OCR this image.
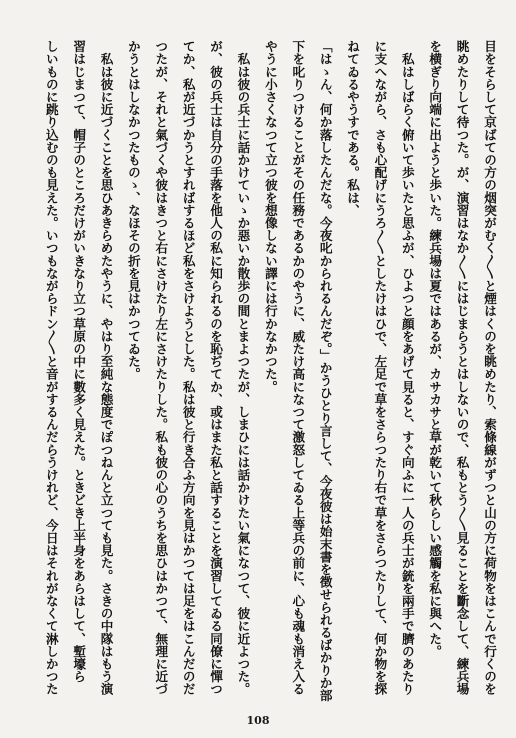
目をそらして京ばての方の烟突がむく〳〵と煙はくのを眺めたり、索條線がずつと山の方に荷物をはこんで行くのを
眺めたりして待つた。が、演習はなか〳〵にはじまらうとはしないので、私もとう〳〵見ることを斷念して、練兵場
を横ぎり向端に出ようと歩いた。練兵場は夏ではあるが、カサカサと草が乾いて秋らしい感觸を私に與へた。
　私はしばらく俯いて歩いたと思ふが、ひよつと顔をあげて見ると、すぐ向ふに一人の兵士が銃を兩手で臍のあたり
に支へながら、さも心配げにうろ〳〵としたけはひで、左足で草をさらつたり右で草をさらつたりして、何か物を探
ねてゐるやうすである。私は、
「はゝん、何か落したんだな。今夜叱かられるんだぞ。」かうひとり言して、今夜彼は始末書を徴せられるばかりか部
下を叱りつけることがその任務であるかのやうに、威たけ高になつて激怒してゐる上等兵の前に、心も魂も消え入る
やうに小さくなつて立つ彼を想像しない譯には行かなかつた。
　私は彼の兵士に話かけていゝか惡いか散歩の間とまよつたが、しまひには話かけたい氣になつて、彼に近よつた。
が、彼の兵士は自分の手落を他人の私に知られるのを恥ぢてか、或はまた私と話することを演習してゐる同僚に憚つ
てか、私が近づかうとすればするほど私をさけようとした。私は彼と行き合ふ方向を見はかつては足をはこんだのだ
つたが、それと氣づくや彼はきつと右にさけたり左にさけたりした。私も彼の心のうちを思ひはかつて、無理に近づ
かうとはしなかつたものゝ、なほその折を見はかつてゐた。
　私は彼に近づくことを思ひあきらめたやうに、やはり至純な態度でぽつねんと立つても見た。さきの中隊はもう演
習はじまつて、帽子のところだけがいきなり立つ草原の中に數多く見えた。ときどき上半身をあらはして、塹壕ら
しいものに跳り込むのも見えた。いつもながらドン〳〵と音がするんだらうけれど、今日はそれがなくて淋しかつた
108
